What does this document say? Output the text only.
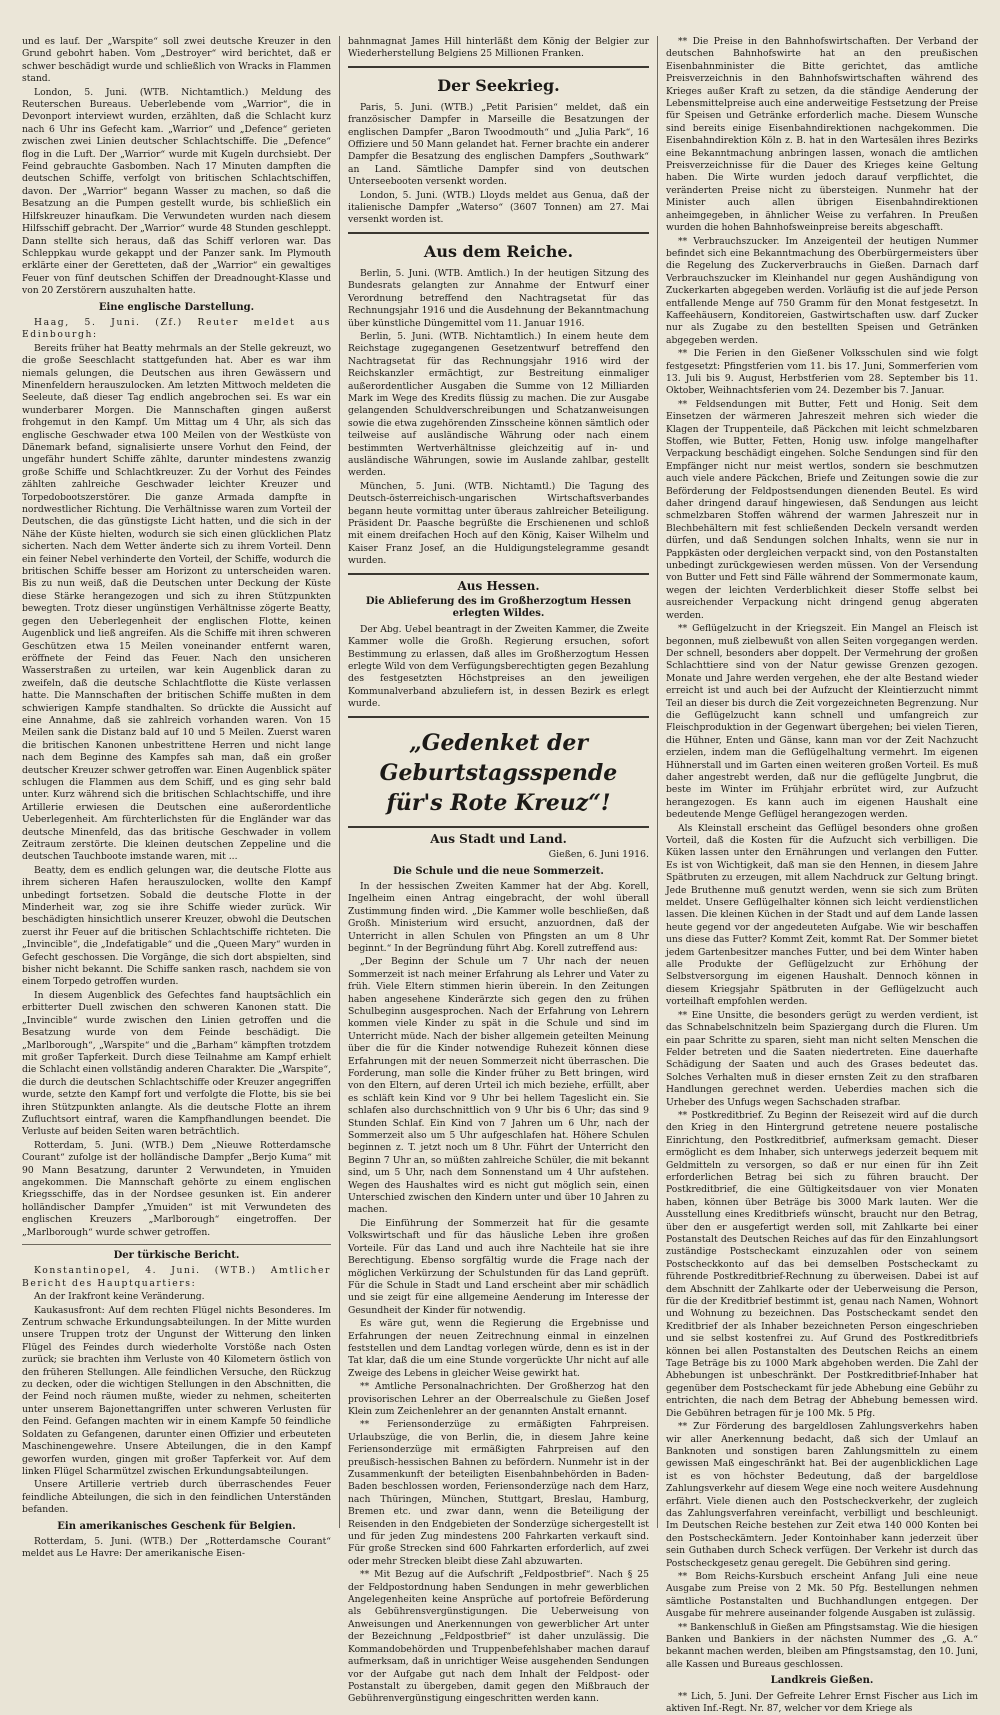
und es lauf. Der „Warspite“ soll zwei deutsche Kreuzer in den Grund gebohrt haben. Vom „Destroyer“ wird berichtet, daß er schwer beschädigt wurde und schließlich von Wracks in Flammen stand.

London, 5. Juni. (WTB. Nichtamtlich.) Meldung des Reuterschen Bureaus. Ueberlebende vom „Warrior“, die in Devonport interviewt wurden, erzählten, daß die Schlacht kurz nach 6 Uhr ins Gefecht kam. „Warrior“ und „Defence“ gerieten zwischen zwei Linien deutscher Schlachtschiffe. Die „Defence“ flog in die Luft. Der „Warrior“ wurde mit Kugeln durchsiebt. Der Feind gebrauchte Gasbomben. Nach 17 Minuten dampften die deutschen Schiffe, verfolgt von britischen Schlachtschiffen, davon. Der „Warrior“ begann Wasser zu machen, so daß die Besatzung an die Pumpen gestellt wurde, bis schließlich ein Hilfskreuzer hinaufkam. Die Verwundeten wurden nach diesem Hilfsschiff gebracht. Der „Warrior“ wurde 48 Stunden geschleppt. Dann stellte sich heraus, daß das Schiff verloren war. Das Schleppkau wurde gekappt und der Panzer sank. Im Plymouth erklärte einer der Geretteten, daß der „Warrior“ ein gewaltiges Feuer von fünf deutschen Schiffen der Dreadnought-Klasse und von 20 Zerstörern auszuhalten hatte.

Eine englische Darstellung.

Haag, 5. Juni. (Zf.) Reuter meldet aus Edinbourgh:

Bereits früher hat Beatty mehrmals an der Stelle gekreuzt, wo die große Seeschlacht stattgefunden hat. Aber es war ihm niemals gelungen, die Deutschen aus ihren Gewässern und Minenfeldern herauszulocken. Am letzten Mittwoch meldeten die Seeleute, daß dieser Tag endlich angebrochen sei. Es war ein wunderbarer Morgen. Die Mannschaften gingen außerst frohgemut in den Kampf. Um Mittag um 4 Uhr, als sich das englische Geschwader etwa 100 Meilen von der Westküste von Dänemark befand, signalisierte unsere Vorhut den Feind, der ungefähr hundert Schiffe zählte, darunter mindestens zwanzig große Schiffe und Schlachtkreuzer. Zu der Vorhut des Feindes zählten zahlreiche Geschwader leichter Kreuzer und Torpedobootszerstörer. Die ganze Armada dampfte in nordwestlicher Richtung. Die Verhältnisse waren zum Vorteil der Deutschen, die das günstigste Licht hatten, und die sich in der Nähe der Küste hielten, wodurch sie sich einen glücklichen Platz sicherten. Nach dem Wetter änderte sich zu ihrem Vorteil. Denn ein feiner Nebel verhinderte den Vorteil, der Schiffe, wodurch die britischen Schiffe besser am Horizont zu unterscheiden waren. Bis zu nun weiß, daß die Deutschen unter Deckung der Küste diese Stärke herangezogen und sich zu ihren Stützpunkten bewegten. Trotz dieser ungünstigen Verhältnisse zögerte Beatty, gegen den Ueberlegenheit der englischen Flotte, keinen Augenblick und ließ angreifen. Als die Schiffe mit ihren schweren Geschützen etwa 15 Meilen voneinander entfernt waren, eröffnete der Feind das Feuer. Nach den unsicheren Wasserstraßen zu urteilen, war kein Augenblick daran zu zweifeln, daß die deutsche Schlachtflotte die Küste verlassen hatte. Die Mannschaften der britischen Schiffe mußten in dem schwierigen Kampfe standhalten. So drückte die Aussicht auf eine Annahme, daß sie zahlreich vorhanden waren. Von 15 Meilen sank die Distanz bald auf 10 und 5 Meilen. Zuerst waren die britischen Kanonen unbestrittene Herren und nicht lange nach dem Beginne des Kampfes sah man, daß ein großer deutscher Kreuzer schwer getroffen war. Einen Augenblick später schlugen die Flammen aus dem Schiff, und es ging sehr bald unter. Kurz während sich die britischen Schlachtschiffe, und ihre Artillerie erwiesen die Deutschen eine außerordentliche Ueberlegenheit. Am fürchterlichsten für die Engländer war das deutsche Minenfeld, das das britische Geschwader in vollem Zeitraum zerstörte. Die kleinen deutschen Zeppeline und die deutschen Tauchboote imstande waren, mit ...

Beatty, dem es endlich gelungen war, die deutsche Flotte aus ihrem sicheren Hafen herauszulocken, wollte den Kampf unbedingt fortsetzen. Sobald die deutsche Flotte in der Minderheit war, zog sie ihre Schiffe wieder zurück. Wir beschädigten hinsichtlich unserer Kreuzer, obwohl die Deutschen zuerst ihr Feuer auf die britischen Schlachtschiffe richteten. Die „Invincible“, die „Indefatigable“ und die „Queen Mary“ wurden in Gefecht geschossen. Die Vorgänge, die sich dort abspielten, sind bisher nicht bekannt. Die Schiffe sanken rasch, nachdem sie von einem Torpedo getroffen wurden.

In diesem Augenblick des Gefechtes fand hauptsächlich ein erbitterter Duell zwischen den schweren Kanonen statt. Die „Invincible“ wurde zwischen den Linien getroffen und die Besatzung wurde von dem Feinde beschädigt. Die „Marlborough“, „Warspite“ und die „Barham“ kämpften trotzdem mit großer Tapferkeit. Durch diese Teilnahme am Kampf erhielt die Schlacht einen vollständig anderen Charakter. Die „Warspite“, die durch die deutschen Schlachtschiffe oder Kreuzer angegriffen wurde, setzte den Kampf fort und verfolgte die Flotte, bis sie bei ihren Stützpunkten anlangte. Als die deutsche Flotte an ihrem Zufluchtsort eintraf, waren die Kampfhandlungen beendet. Die Verluste auf beiden Seiten waren beträchtlich.

Rotterdam, 5. Juni. (WTB.) Dem „Nieuwe Rotterdamsche Courant“ zufolge ist der holländische Dampfer „Berjo Kuma“ mit 90 Mann Besatzung, darunter 2 Verwundeten, in Ymuiden angekommen. Die Mannschaft gehörte zu einem englischen Kriegsschiffe, das in der Nordsee gesunken ist. Ein anderer holländischer Dampfer „Ymuiden“ ist mit Verwundeten des englischen Kreuzers „Marlborough“ eingetroffen. Der „Marlborough“ wurde schwer getroffen.

Der türkische Bericht.

Konstantinopel, 4. Juni. (WTB.) Amtlicher Bericht des Hauptquartiers:

An der Irakfront keine Veränderung.

Kaukasusfront: Auf dem rechten Flügel nichts Besonderes. Im Zentrum schwache Erkundungsabteilungen. In der Mitte wurden unsere Truppen trotz der Ungunst der Witterung den linken Flügel des Feindes durch wiederholte Vorstöße nach Osten zurück; sie brachten ihm Verluste von 40 Kilometern östlich von den früheren Stellungen. Alle feindlichen Versuche, den Rückzug zu decken, oder die wichtigen Stellungen in den Abschnitten, die der Feind noch räumen mußte, wieder zu nehmen, scheiterten unter unserem Bajonettangriffen unter schweren Verlusten für den Feind. Gefangen machten wir in einem Kampfe 50 feindliche Soldaten zu Gefangenen, darunter einen Offizier und erbeuteten Maschinengewehre. Unsere Abteilungen, die in den Kampf geworfen wurden, gingen mit großer Tapferkeit vor. Auf dem linken Flügel Scharmützel zwischen Erkundungsabteilungen.

Unsere Artillerie vertrieb durch überraschendes Feuer feindliche Abteilungen, die sich in den feindlichen Unterständen befanden.

Ein amerikanisches Geschenk für Belgien.

Rotterdam, 5. Juni. (WTB.) Der „Rotterdamsche Courant“ meldet aus Le Havre: Der amerikanische Eisen-

bahnmagnat James Hill hinterläßt dem König der Belgier zur Wiederherstellung Belgiens 25 Millionen Franken.

Der Seekrieg.

Paris, 5. Juni. (WTB.) „Petit Parisien“ meldet, daß ein französischer Dampfer in Marseille die Besatzungen der englischen Dampfer „Baron Twoodmouth“ und „Julia Park“, 16 Offiziere und 50 Mann gelandet hat. Ferner brachte ein anderer Dampfer die Besatzung des englischen Dampfers „Southwark“ an Land. Sämtliche Dampfer sind von deutschen Unterseebooten versenkt worden.

London, 5. Juni. (WTB.) Lloyds meldet aus Genua, daß der italienische Dampfer „Waterso“ (3607 Tonnen) am 27. Mai versenkt worden ist.

Aus dem Reiche.

Berlin, 5. Juni. (WTB. Amtlich.) In der heutigen Sitzung des Bundesrats gelangten zur Annahme der Entwurf einer Verordnung betreffend den Nachtragsetat für das Rechnungsjahr 1916 und die Ausdehnung der Bekanntmachung über künstliche Düngemittel vom 11. Januar 1916.

Berlin, 5. Juni. (WTB. Nichtamtlich.) In einem heute dem Reichstage zugegangenen Gesetzentwurf betreffend den Nachtragsetat für das Rechnungsjahr 1916 wird der Reichskanzler ermächtigt, zur Bestreitung einmaliger außerordentlicher Ausgaben die Summe von 12 Milliarden Mark im Wege des Kredits flüssig zu machen. Die zur Ausgabe gelangenden Schuldverschreibungen und Schatzanweisungen sowie die etwa zugehörenden Zinsscheine können sämtlich oder teilweise auf ausländische Währung oder nach einem bestimmten Wertverhältnisse gleichzeitig auf in- und ausländische Währungen, sowie im Auslande zahlbar, gestellt werden.

München, 5. Juni. (WTB. Nichtamtl.) Die Tagung des Deutsch-österreichisch-ungarischen Wirtschaftsverbandes begann heute vormittag unter überaus zahlreicher Beteiligung. Präsident Dr. Paasche begrüßte die Erschienenen und schloß mit einem dreifachen Hoch auf den König, Kaiser Wilhelm und Kaiser Franz Josef, an die Huldigungstelegramme gesandt wurden.

Aus Hessen.
Die Ablieferung des im Großherzogtum Hessen erlegten Wildes.

Der Abg. Uebel beantragt in der Zweiten Kammer, die Zweite Kammer wolle die Großh. Regierung ersuchen, sofort Bestimmung zu erlassen, daß alles im Großherzogtum Hessen erlegte Wild von dem Verfügungsberechtigten gegen Bezahlung des festgesetzten Höchstpreises an den jeweiligen Kommunalverband abzuliefern ist, in dessen Bezirk es erlegt wurde.

„Gedenket der Geburtstagsspende für's Rote Kreuz“!
Aus Stadt und Land.
Gießen, 6. Juni 1916.
Die Schule und die neue Sommerzeit.

In der hessischen Zweiten Kammer hat der Abg. Korell, Ingelheim einen Antrag eingebracht, der wohl überall Zustimmung finden wird. „Die Kammer wolle beschließen, daß Großh. Ministerium wird ersucht, anzuordnen, daß der Unterricht in allen Schulen von Pfingsten an um 8 Uhr beginnt.“ In der Begründung führt Abg. Korell zutreffend aus:

„Der Beginn der Schule um 7 Uhr nach der neuen Sommerzeit ist nach meiner Erfahrung als Lehrer und Vater zu früh. Viele Eltern stimmen hierin überein. In den Zeitungen haben angesehene Kinderärzte sich gegen den zu frühen Schulbeginn ausgesprochen. Nach der Erfahrung von Lehrern kommen viele Kinder zu spät in die Schule und sind im Unterricht müde. Nach der bisher allgemein geteilten Meinung über die für die Kinder notwendige Ruhezeit können diese Erfahrungen mit der neuen Sommerzeit nicht überraschen. Die Forderung, man solle die Kinder früher zu Bett bringen, wird von den Eltern, auf deren Urteil ich mich beziehe, erfüllt, aber es schläft kein Kind vor 9 Uhr bei hellem Tageslicht ein. Sie schlafen also durchschnittlich von 9 Uhr bis 6 Uhr; das sind 9 Stunden Schlaf. Ein Kind von 7 Jahren um 6 Uhr, nach der Sommerzeit also um 5 Uhr aufgeschlafen hat. Höhere Schulen beginnen z. T. jetzt noch um 8 Uhr. Führt der Unterricht den Beginn 7 Uhr an, so müßten zahlreiche Schüler, die mit bekannt sind, um 5 Uhr, nach dem Sonnenstand um 4 Uhr aufstehen. Wegen des Haushaltes wird es nicht gut möglich sein, einen Unterschied zwischen den Kindern unter und über 10 Jahren zu machen.

Die Einführung der Sommerzeit hat für die gesamte Volkswirtschaft und für das häusliche Leben ihre großen Vorteile. Für das Land und auch ihre Nachteile hat sie ihre Berechtigung. Ebenso sorgfältig wurde die Frage nach der möglichen Verkürzung der Schulstunden für das Land geprüft. Für die Schule in Stadt und Land erscheint aber mir schädlich und sie zeigt für eine allgemeine Aenderung im Interesse der Gesundheit der Kinder für notwendig.

Es wäre gut, wenn die Regierung die Ergebnisse und Erfahrungen der neuen Zeitrechnung einmal in einzelnen feststellen und dem Landtag vorlegen würde, denn es ist in der Tat klar, daß die um eine Stunde vorgerückte Uhr nicht auf alle Zweige des Lebens in gleicher Weise gewirkt hat.

** Amtliche Personalnachrichten. Der Großherzog hat den provisorischen Lehrer an der Oberrealschule zu Gießen Josef Klein zum Zeichenlehrer an der genannten Anstalt ernannt.

** Feriensonderzüge zu ermäßigten Fahrpreisen. Urlaubszüge, die von Berlin, die, in diesem Jahre keine Feriensonderzüge mit ermäßigten Fahrpreisen auf den preußisch-hessischen Bahnen zu befördern. Nunmehr ist in der Zusammenkunft der beteiligten Eisenbahnbehörden in Baden-Baden beschlossen worden, Feriensonderzüge nach dem Harz, nach Thüringen, München, Stuttgart, Breslau, Hamburg, Bremen etc. und zwar dann, wenn die Beteiligung der Reisenden in den Endgebieten der Sonderzüge sichergestellt ist und für jeden Zug mindestens 200 Fahrkarten verkauft sind. Für große Strecken sind 600 Fahrkarten erforderlich, auf zwei oder mehr Strecken bleibt diese Zahl abzuwarten.

** Mit Bezug auf die Aufschrift „Feldpostbrief“. Nach § 25 der Feldpostordnung haben Sendungen in mehr gewerblichen Angelegenheiten keine Ansprüche auf portofreie Beförderung als Gebührensvergünstigungen. Die Ueberweisung von Anweisungen und Anerkennungen von gewerblicher Art unter der Bezeichnung „Feldpostbrief“ ist daher unzulässig. Die Kommandobehörden und Truppenbefehlshaber machen darauf aufmerksam, daß in unrichtiger Weise ausgehenden Sendungen vor der Aufgabe gut nach dem Inhalt der Feldpost- oder Postanstalt zu übergeben, damit gegen den Mißbrauch der Gebührenvergünstigung eingeschritten werden kann.

** Die Preise in den Bahnhofswirtschaften. Der Verband der deutschen Bahnhofswirte hat an den preußischen Eisenbahnminister die Bitte gerichtet, das amtliche Preisverzeichnis in den Bahnhofswirtschaften während des Krieges außer Kraft zu setzen, da die ständige Aenderung der Lebensmittelpreise auch eine anderweitige Festsetzung der Preise für Speisen und Getränke erforderlich mache. Diesem Wunsche sind bereits einige Eisenbahndirektionen nachgekommen. Die Eisenbahndirektion Köln z. B. hat in den Wartesälen ihres Bezirks eine Bekanntmachung anbringen lassen, wonach die amtlichen Preisverzeichnisse für die Dauer des Krieges keine Geltung haben. Die Wirte wurden jedoch darauf verpflichtet, die veränderten Preise nicht zu übersteigen. Nunmehr hat der Minister auch allen übrigen Eisenbahndirektionen anheimgegeben, in ähnlicher Weise zu verfahren. In Preußen wurden die hohen Bahnhofsweinpreise bereits abgeschafft.

** Verbrauchszucker. Im Anzeigenteil der heutigen Nummer befindet sich eine Bekanntmachung des Oberbürgermeisters über die Regelung des Zuckerverbrauchs in Gießen. Darnach darf Verbrauchszucker im Kleinhandel nur gegen Aushändigung von Zuckerkarten abgegeben werden. Vorläufig ist die auf jede Person entfallende Menge auf 750 Gramm für den Monat festgesetzt. In Kaffeehäusern, Konditoreien, Gastwirtschaften usw. darf Zucker nur als Zugabe zu den bestellten Speisen und Getränken abgegeben werden.

** Die Ferien in den Gießener Volksschulen sind wie folgt festgesetzt: Pfingstferien vom 11. bis 17. Juni, Sommerferien vom 13. Juli bis 9. August, Herbstferien vom 28. September bis 11. Oktober, Weihnachtsferien vom 24. Dezember bis 7. Januar.

** Feldsendungen mit Butter, Fett und Honig. Seit dem Einsetzen der wärmeren Jahreszeit mehren sich wieder die Klagen der Truppenteile, daß Päckchen mit leicht schmelzbaren Stoffen, wie Butter, Fetten, Honig usw. infolge mangelhafter Verpackung beschädigt eingehen. Solche Sendungen sind für den Empfänger nicht nur meist wertlos, sondern sie beschmutzen auch viele andere Päckchen, Briefe und Zeitungen sowie die zur Beförderung der Feldpostsendungen dienenden Beutel. Es wird daher dringend darauf hingewiesen, daß Sendungen aus leicht schmelzbaren Stoffen während der warmen Jahreszeit nur in Blechbehältern mit fest schließenden Deckeln versandt werden dürfen, und daß Sendungen solchen Inhalts, wenn sie nur in Pappkästen oder dergleichen verpackt sind, von den Postanstalten unbedingt zurückgewiesen werden müssen. Von der Versendung von Butter und Fett sind Fälle während der Sommermonate kaum, wegen der leichten Verderblichkeit dieser Stoffe selbst bei ausreichender Verpackung nicht dringend genug abgeraten werden.

** Geflügelzucht in der Kriegszeit. Ein Mangel an Fleisch ist begonnen, muß zielbewußt von allen Seiten vorgegangen werden. Der schnell, besonders aber doppelt. Der Vermehrung der großen Schlachttiere sind von der Natur gewisse Grenzen gezogen. Monate und Jahre werden vergehen, ehe der alte Bestand wieder erreicht ist und auch bei der Aufzucht der Kleintierzucht nimmt Teil an dieser bis durch die Zeit vorgezeichneten Begrenzung. Nur die Geflügelzucht kann schnell und umfangreich zur Fleischproduktion in der Gegenwart übergehen; bei vielen Tieren, die Hühner, Enten und Gänse, kann man vor der Zeit Nachzucht erzielen, indem man die Geflügelhaltung vermehrt. Im eigenen Hühnerstall und im Garten einen weiteren großen Vorteil. Es muß daher angestrebt werden, daß nur die geflügelte Jungbrut, die beste im Winter im Frühjahr erbrütet wird, zur Aufzucht herangezogen. Es kann auch im eigenen Haushalt eine bedeutende Menge Geflügel herangezogen werden.

Als Kleinstall erscheint das Geflügel besonders ohne großen Vorteil, daß die Kosten für die Aufzucht sich verbilligen. Die Küken lassen unter den Ernährungen und verlangen den Futter. Es ist von Wichtigkeit, daß man sie den Hennen, in diesem Jahre Spätbruten zu erzeugen, mit allem Nachdruck zur Geltung bringt. Jede Bruthenne muß genutzt werden, wenn sie sich zum Brüten meldet. Unsere Geflügelhalter können sich leicht verdienstlichen lassen. Die kleinen Küchen in der Stadt und auf dem Lande lassen heute gegend vor der angedeuteten Aufgabe. Wie wir beschaffen uns diese das Futter? Kommt Zeit, kommt Rat. Der Sommer bietet jedem Gartenbesitzer manches Futter, und bei dem Winter haben alle Produkte der Geflügelzucht zur Erhöhung der Selbstversorgung im eigenen Haushalt. Dennoch können in diesem Kriegsjahr Spätbruten in der Geflügelzucht auch vorteilhaft empfohlen werden.

** Eine Unsitte, die besonders gerügt zu werden verdient, ist das Schnabelschnitzeln beim Spaziergang durch die Fluren. Um ein paar Schritte zu sparen, sieht man nicht selten Menschen die Felder betreten und die Saaten niedertreten. Eine dauerhafte Schädigung der Saaten und auch des Grases bedeutet das. Solches Verhalten muß in dieser ernsten Zeit zu den strafbaren Handlungen gerechnet werden. Ueberdies machen sich die Urheber des Unfugs wegen Sachschaden strafbar.

** Postkreditbrief. Zu Beginn der Reisezeit wird auf die durch den Krieg in den Hintergrund getretene neuere postalische Einrichtung, den Postkreditbrief, aufmerksam gemacht. Dieser ermöglicht es dem Inhaber, sich unterwegs jederzeit bequem mit Geldmitteln zu versorgen, so daß er nur einen für ihn Zeit erforderlichen Betrag bei sich zu führen braucht. Der Postkreditbrief, die eine Gültigkeitsdauer von vier Monaten haben, können über Beträge bis 3000 Mark lauten. Wer die Ausstellung eines Kreditbriefs wünscht, braucht nur den Betrag, über den er ausgefertigt werden soll, mit Zahlkarte bei einer Postanstalt des Deutschen Reiches auf das für den Einzahlungsort zuständige Postscheckamt einzuzahlen oder von seinem Postscheckkonto auf das bei demselben Postscheckamt zu führende Postkreditbrief-Rechnung zu überweisen. Dabei ist auf dem Abschnitt der Zahlkarte oder der Ueberweisung die Person, für die der Kreditbrief bestimmt ist, genau nach Namen, Wohnort und Wohnung zu bezeichnen. Das Postscheckamt sendet den Kreditbrief der als Inhaber bezeichneten Person eingeschrieben und sie selbst kostenfrei zu. Auf Grund des Postkreditbriefs können bei allen Postanstalten des Deutschen Reichs an einem Tage Beträge bis zu 1000 Mark abgehoben werden. Die Zahl der Abhebungen ist unbeschränkt. Der Postkreditbrief-Inhaber hat gegenüber dem Postscheckamt für jede Abhebung eine Gebühr zu entrichten, die nach dem Betrag der Abhebung bemessen wird. Die Gebühren betragen für je 100 Mk. 5 Pfg.

** Zur Förderung des bargeldlosen Zahlungsverkehrs haben wir aller Anerkennung bedacht, daß sich der Umlauf an Banknoten und sonstigen baren Zahlungsmitteln zu einem gewissen Maß eingeschränkt hat. Bei der augenblicklichen Lage ist es von höchster Bedeutung, daß der bargeldlose Zahlungsverkehr auf diesem Wege eine noch weitere Ausdehnung erfährt. Viele dienen auch den Postscheckverkehr, der zugleich das Zahlungsverfahren vereinfacht, verbilligt und beschleunigt. Im Deutschen Reiche bestehen zur Zeit etwa 140 000 Konten bei den Postscheckämtern. Jeder Kontoinhaber kann jederzeit über sein Guthaben durch Scheck verfügen. Der Verkehr ist durch das Postscheckgesetz genau geregelt. Die Gebühren sind gering.

** Bom Reichs-Kursbuch erscheint Anfang Juli eine neue Ausgabe zum Preise von 2 Mk. 50 Pfg. Bestellungen nehmen sämtliche Postanstalten und Buchhandlungen entgegen. Der Ausgabe für mehrere auseinander folgende Ausgaben ist zulässig.

** Bankenschluß in Gießen am Pfingstsamstag. Wie die hiesigen Banken und Bankiers in der nächsten Nummer des „G. A.“ bekannt machen werden, bleiben am Pfingstsamstag, den 10. Juni, alle Kassen und Bureaus geschlossen.

Landkreis Gießen.

** Lich, 5. Juni. Der Gefreite Lehrer Ernst Fischer aus Lich im aktiven Inf.-Regt. Nr. 87, welcher vor dem Kriege als
